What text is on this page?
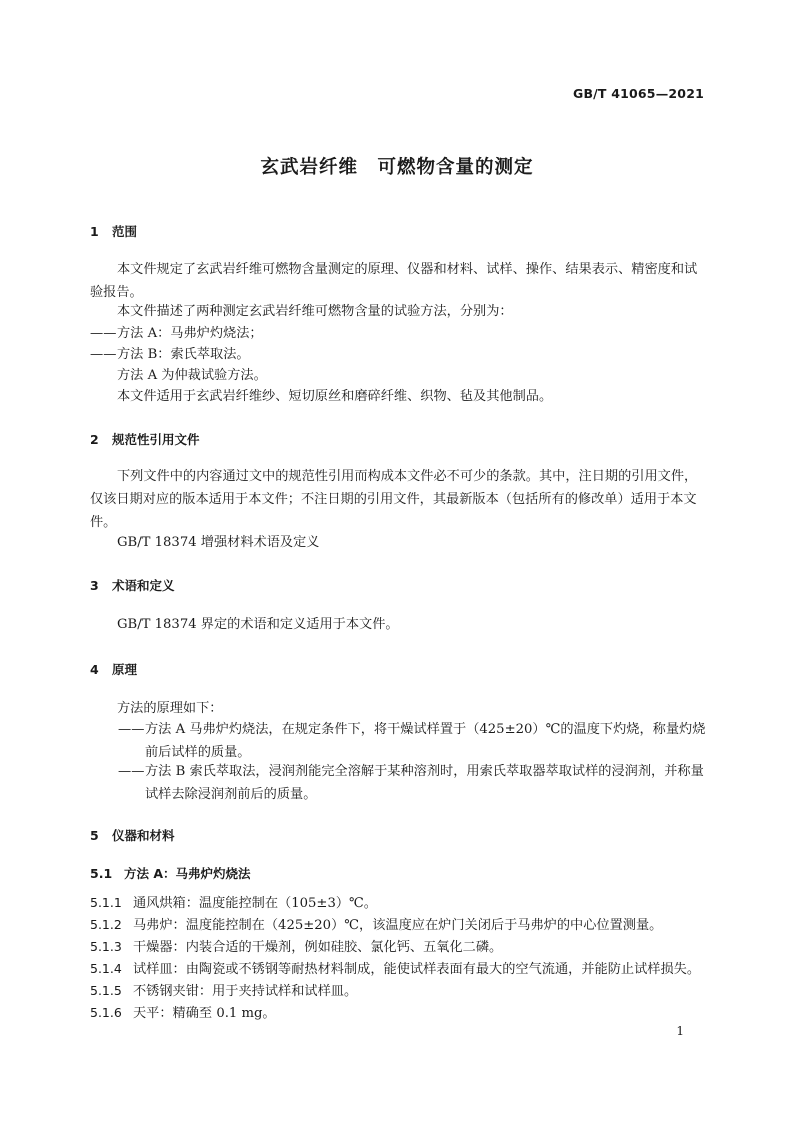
GB/T 41065—2021
玄武岩纤维　可燃物含量的测定
1 范围
本文件规定了玄武岩纤维可燃物含量测定的原理、仪器和材料、试样、操作、结果表示、精密度和试验报告。
本文件描述了两种测定玄武岩纤维可燃物含量的试验方法，分别为：
——方法 A：马弗炉灼烧法；
——方法 B：索氏萃取法。
方法 A 为仲裁试验方法。
本文件适用于玄武岩纤维纱、短切原丝和磨碎纤维、织物、毡及其他制品。
2 规范性引用文件
下列文件中的内容通过文中的规范性引用而构成本文件必不可少的条款。其中，注日期的引用文件，仅该日期对应的版本适用于本文件；不注日期的引用文件，其最新版本（包括所有的修改单）适用于本文件。
GB/T 18374 增强材料术语及定义
3 术语和定义
GB/T 18374 界定的术语和定义适用于本文件。
4 原理
方法的原理如下：
——方法 A 马弗炉灼烧法，在规定条件下，将干燥试样置于（425±20）℃的温度下灼烧，称量灼烧前后试样的质量。
——方法 B 索氏萃取法，浸润剂能完全溶解于某种溶剂时，用索氏萃取器萃取试样的浸润剂，并称量试样去除浸润剂前后的质量。
5 仪器和材料
5.1 方法 A：马弗炉灼烧法
5.1.1 通风烘箱：温度能控制在（105±3）℃。
5.1.2 马弗炉：温度能控制在（425±20）℃，该温度应在炉门关闭后于马弗炉的中心位置测量。
5.1.3 干燥器：内装合适的干燥剂，例如硅胶、氯化钙、五氧化二磷。
5.1.4 试样皿：由陶瓷或不锈钢等耐热材料制成，能使试样表面有最大的空气流通，并能防止试样损失。
5.1.5 不锈钢夹钳：用于夹持试样和试样皿。
5.1.6 天平：精确至 0.1 mg。
1
